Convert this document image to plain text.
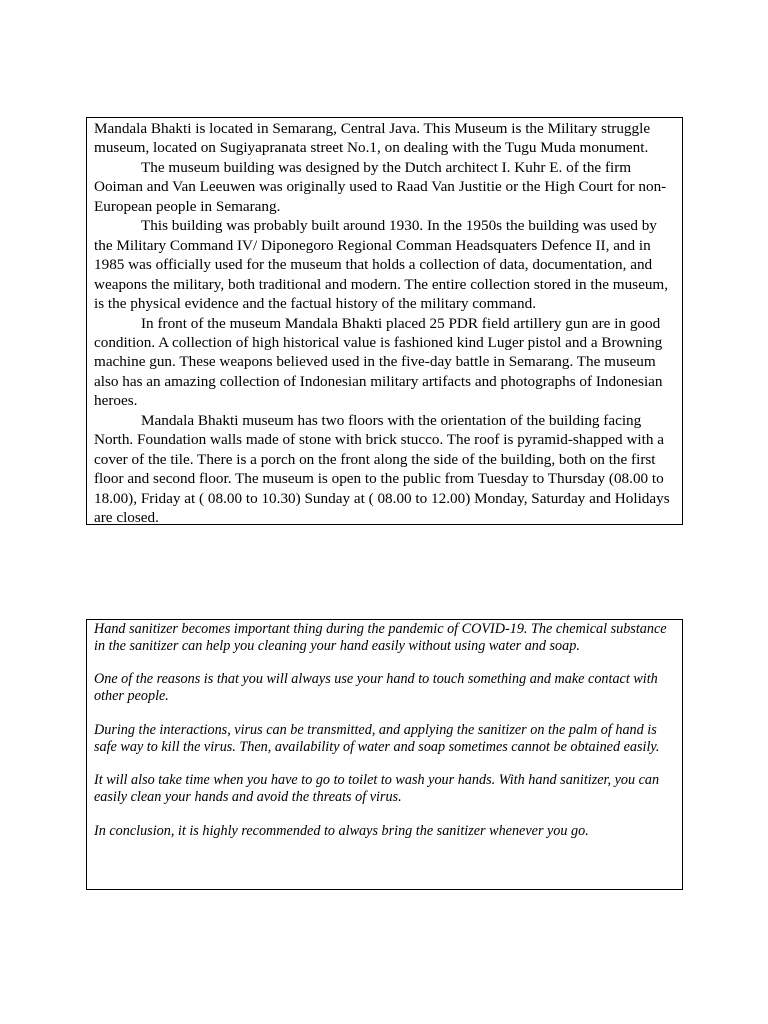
Mandala Bhakti is located in Semarang, Central Java. This Museum is the Military struggle museum, located on Sugiyapranata street No.1, on dealing with the Tugu Muda monument.

The museum building was designed by the Dutch architect I. Kuhr E. of the firm Ooiman and Van Leeuwen was originally used to Raad Van Justitie or the High Court for non-European people in Semarang.

This building was probably built around 1930. In the 1950s the building was used by the Military Command IV/ Diponegoro Regional Comman Headsquaters Defence II, and in 1985 was officially used for the museum that holds a collection of data, documentation, and weapons the military, both traditional and modern. The entire collection stored in the museum, is the physical evidence and the factual history of the military command.

In front of the museum Mandala Bhakti placed 25 PDR field artillery gun are in good condition. A collection of high historical value is fashioned kind Luger pistol and a Browning machine gun. These weapons believed used in the five-day battle in Semarang. The museum also has an amazing collection of Indonesian military artifacts and photographs of Indonesian heroes.

Mandala Bhakti museum has two floors with the orientation of the building facing North. Foundation walls made of stone with brick stucco. The roof is pyramid-shapped with a cover of the tile. There is a porch on the front along the side of the building, both on the first floor and second floor. The museum is open to the public from Tuesday to Thursday (08.00 to 18.00), Friday at ( 08.00 to 10.30) Sunday at ( 08.00 to 12.00) Monday, Saturday and Holidays are closed.

Hand sanitizer becomes important thing during the pandemic of COVID-19. The chemical substance in the sanitizer can help you cleaning your hand easily without using water and soap.

One of the reasons is that you will always use your hand to touch something and make contact with other people.

During the interactions, virus can be transmitted, and applying the sanitizer on the palm of hand is safe way to kill the virus. Then, availability of water and soap sometimes cannot be obtained easily.

It will also take time when you have to go to toilet to wash your hands. With hand sanitizer, you can easily clean your hands and avoid the threats of virus.

In conclusion, it is highly recommended to always bring the sanitizer whenever you go.
